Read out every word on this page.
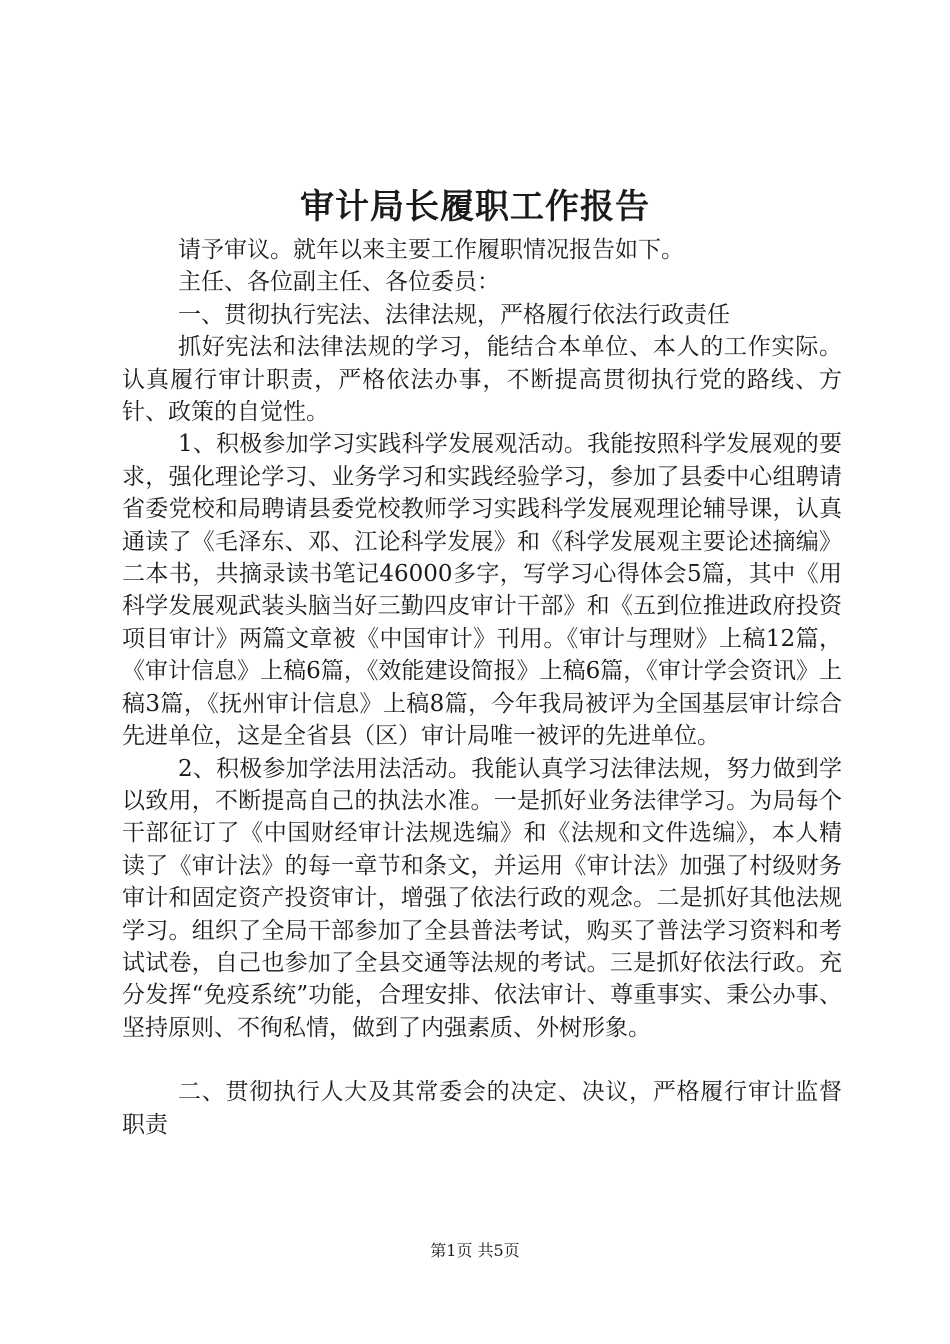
审计局长履职工作报告

请予审议。就年以来主要工作履职情况报告如下。

主任、各位副主任、各位委员：

一、贯彻执行宪法、法律法规，严格履行依法行政责任

抓好宪法和法律法规的学习，能结合本单位、本人的工作实际。认真履行审计职责，严格依法办事，不断提高贯彻执行党的路线、方针、政策的自觉性。

1、积极参加学习实践科学发展观活动。我能按照科学发展观的要求，强化理论学习、业务学习和实践经验学习，参加了县委中心组聘请省委党校和局聘请县委党校教师学习实践科学发展观理论辅导课，认真通读了《毛泽东、邓、江论科学发展》和《科学发展观主要论述摘编》二本书，共摘录读书笔记46000多字，写学习心得体会5篇，其中《用科学发展观武装头脑当好三勤四皮审计干部》和《五到位推进政府投资项目审计》两篇文章被《中国审计》刊用。《审计与理财》上稿12篇，《审计信息》上稿6篇，《效能建设简报》上稿6篇，《审计学会资讯》上稿3篇，《抚州审计信息》上稿8篇，今年我局被评为全国基层审计综合先进单位，这是全省县（区）审计局唯一被评的先进单位。

2、积极参加学法用法活动。我能认真学习法律法规，努力做到学以致用，不断提高自己的执法水准。一是抓好业务法律学习。为局每个干部征订了《中国财经审计法规选编》和《法规和文件选编》，本人精读了《审计法》的每一章节和条文，并运用《审计法》加强了村级财务审计和固定资产投资审计，增强了依法行政的观念。二是抓好其他法规学习。组织了全局干部参加了全县普法考试，购买了普法学习资料和考试试卷，自己也参加了全县交通等法规的考试。三是抓好依法行政。充分发挥“免疫系统”功能，合理安排、依法审计、尊重事实、秉公办事、坚持原则、不徇私情，做到了内强素质、外树形象。

二、贯彻执行人大及其常委会的决定、决议，严格履行审计监督职责

第1页 共5页
